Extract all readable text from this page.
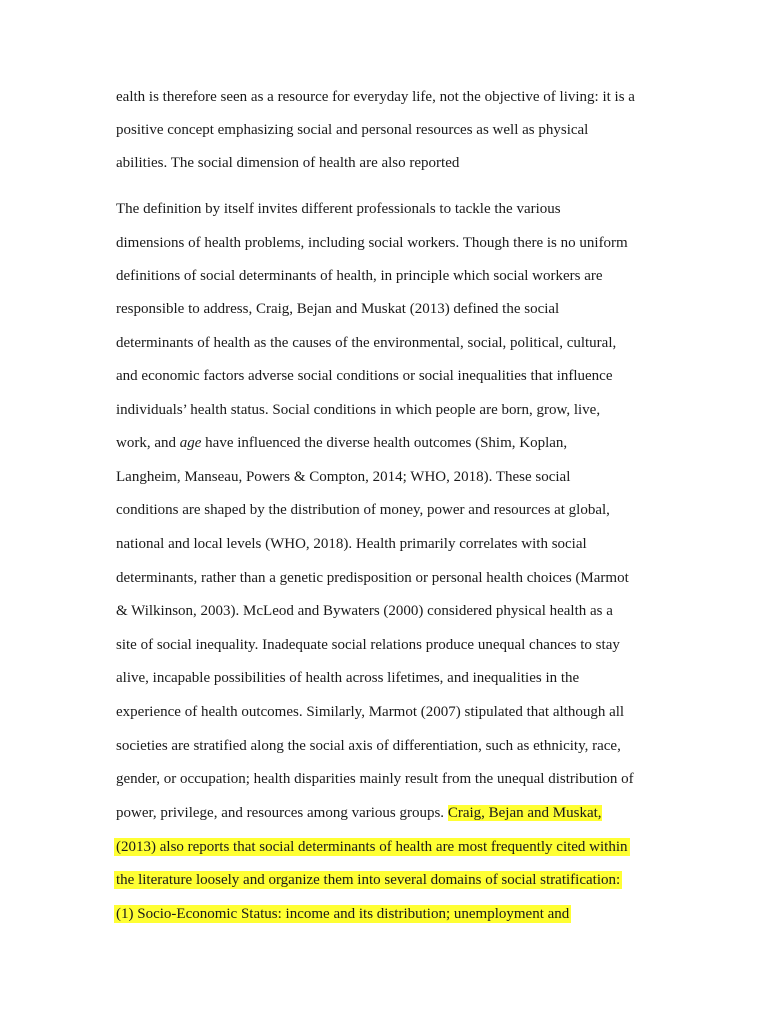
ealth is therefore seen as a resource for everyday life, not the objective of living: it is a
positive concept emphasizing social and personal resources as well as physical
abilities. The social dimension of health are also reported
The definition by itself invites different professionals to tackle the various
dimensions of health problems, including social workers. Though there is no uniform
definitions of social determinants of health, in principle which social workers are
responsible to address, Craig, Bejan and Muskat (2013) defined the social
determinants of health as the causes of the environmental, social, political, cultural,
and economic factors adverse social conditions or social inequalities that influence
individuals’ health status. Social conditions in which people are born, grow, live,
work, and age have influenced the diverse health outcomes (Shim, Koplan,
Langheim, Manseau, Powers & Compton, 2014; WHO, 2018). These social
conditions are shaped by the distribution of money, power and resources at global,
national and local levels (WHO, 2018). Health primarily correlates with social
determinants, rather than a genetic predisposition or personal health choices (Marmot
& Wilkinson, 2003). McLeod and Bywaters (2000) considered physical health as a
site of social inequality. Inadequate social relations produce unequal chances to stay
alive, incapable possibilities of health across lifetimes, and inequalities in the
experience of health outcomes. Similarly, Marmot (2007) stipulated that although all
societies are stratified along the social axis of differentiation, such as ethnicity, race,
gender, or occupation; health disparities mainly result from the unequal distribution of
power, privilege, and resources among various groups. Craig, Bejan and Muskat,
(2013) also reports that social determinants of health are most frequently cited within
the literature loosely and organize them into several domains of social stratification:
(1) Socio-Economic Status: income and its distribution; unemployment and
